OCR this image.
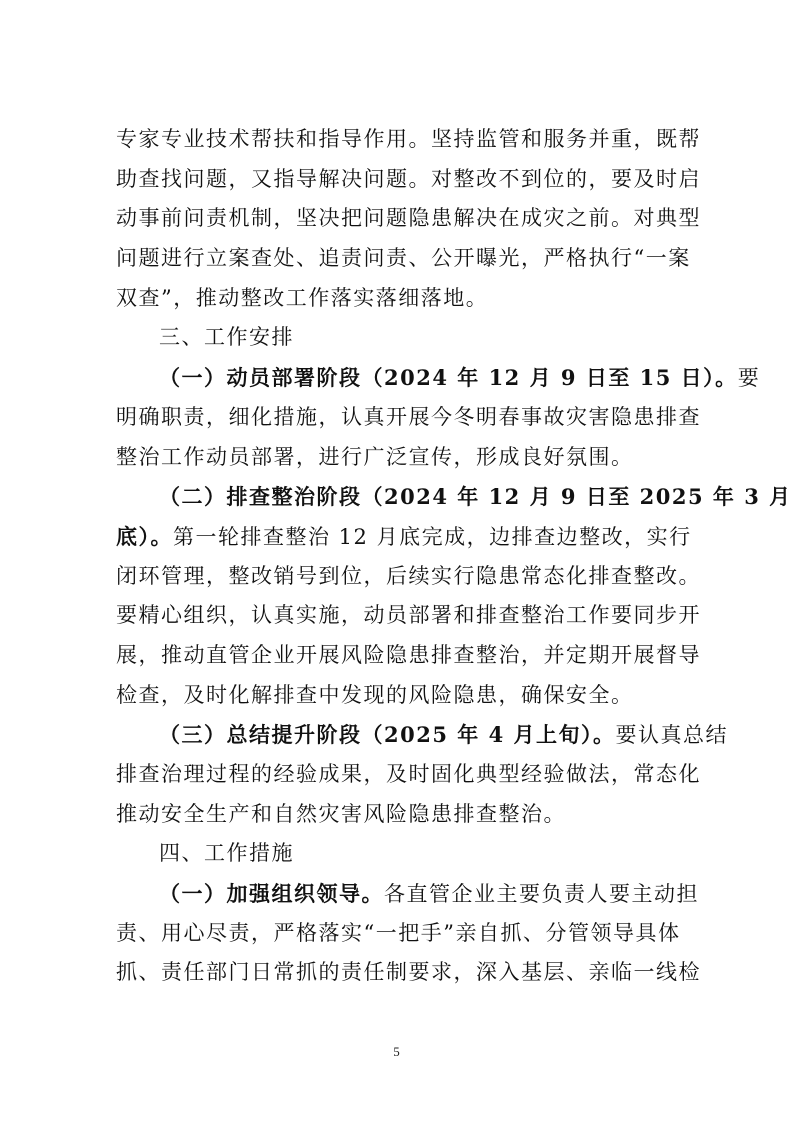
专家专业技术帮扶和指导作用。坚持监管和服务并重，既帮
助查找问题，又指导解决问题。对整改不到位的，要及时启
动事前问责机制，坚决把问题隐患解决在成灾之前。对典型
问题进行立案查处、追责问责、公开曝光，严格执行“一案
双查”，推动整改工作落实落细落地。
三、工作安排
（一）动员部署阶段（2024 年 12 月 9 日至 15 日）。要
明确职责，细化措施，认真开展今冬明春事故灾害隐患排查
整治工作动员部署，进行广泛宣传，形成良好氛围。
（二）排查整治阶段（2024 年 12 月 9 日至 2025 年 3 月
底）。第一轮排查整治 12 月底完成，边排查边整改，实行
闭环管理，整改销号到位，后续实行隐患常态化排查整改。
要精心组织，认真实施，动员部署和排查整治工作要同步开
展，推动直管企业开展风险隐患排查整治，并定期开展督导
检查，及时化解排查中发现的风险隐患，确保安全。
（三）总结提升阶段（2025 年 4 月上旬）。要认真总结
排查治理过程的经验成果，及时固化典型经验做法，常态化
推动安全生产和自然灾害风险隐患排查整治。
四、工作措施
（一）加强组织领导。各直管企业主要负责人要主动担
责、用心尽责，严格落实“一把手”亲自抓、分管领导具体
抓、责任部门日常抓的责任制要求，深入基层、亲临一线检
5
